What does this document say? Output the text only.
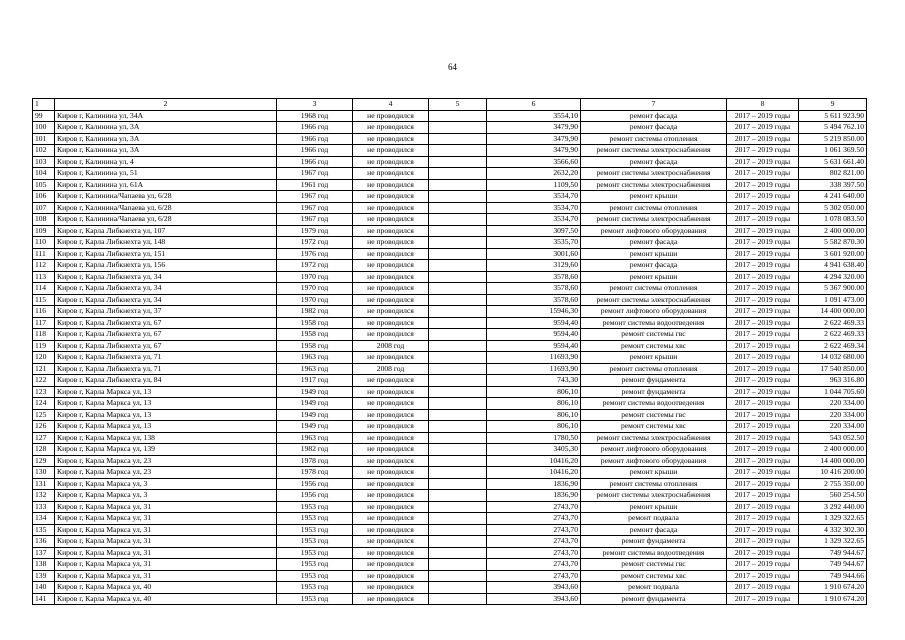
64
1	2	3	4	5	6	7	8	9
99	Киров г, Калинина ул, 34А	1968 год	не проводился		3554,10	ремонт фасада	2017 – 2019 годы	5 611 923.90
100	Киров г, Калинина ул, 3А	1966 год	не проводился		3479,90	ремонт фасада	2017 – 2019 годы	5 494 762.10
101	Киров г, Калинина ул, 3А	1966 год	не проводился		3479,90	ремонт системы отопления	2017 – 2019 годы	5 219 850.00
102	Киров г, Калинина ул, 3А	1966 год	не проводился		3479,90	ремонт системы электроснабжения	2017 – 2019 годы	1 061 369.50
103	Киров г, Калинина ул, 4	1966 год	не проводился		3566,60	ремонт фасада	2017 – 2019 годы	5 631 661.40
104	Киров г, Калинина ул, 51	1967 год	не проводился		2632,20	ремонт системы электроснабжения	2017 – 2019 годы	802 821.00
105	Киров г, Калинина ул, 61А	1961 год	не проводился		1109,50	ремонт системы электроснабжения	2017 – 2019 годы	338 397.50
106	Киров г, Калинина/Чапаева ул, 6/28	1967 год	не проводился		3534,70	ремонт крыши	2017 – 2019 годы	4 241 640.00
107	Киров г, Калинина/Чапаева ул, 6/28	1967 год	не проводился		3534,70	ремонт системы отопления	2017 – 2019 годы	5 302 050.00
108	Киров г, Калинина/Чапаева ул, 6/28	1967 год	не проводился		3534,70	ремонт системы электроснабжения	2017 – 2019 годы	1 078 083.50
109	Киров г, Карла Либкнехта ул, 107	1979 год	не проводился		3097,50	ремонт лифтового оборудования	2017 – 2019 годы	2 400 000.00
110	Киров г, Карла Либкнехта ул, 148	1972 год	не проводился		3535,70	ремонт фасада	2017 – 2019 годы	5 582 870.30
111	Киров г, Карла Либкнехта ул, 151	1976 год	не проводился		3001,60	ремонт крыши	2017 – 2019 годы	3 601 920.00
112	Киров г, Карла Либкнехта ул, 156	1972 год	не проводился		3129,60	ремонт фасада	2017 – 2019 годы	4 941 638.40
113	Киров г, Карла Либкнехта ул, 34	1970 год	не проводился		3578,60	ремонт крыши	2017 – 2019 годы	4 294 320.00
114	Киров г, Карла Либкнехта ул, 34	1970 год	не проводился		3578,60	ремонт системы отопления	2017 – 2019 годы	5 367 900.00
115	Киров г, Карла Либкнехта ул, 34	1970 год	не проводился		3578,60	ремонт системы электроснабжения	2017 – 2019 годы	1 091 473.00
116	Киров г, Карла Либкнехта ул, 37	1982 год	не проводился		15946,30	ремонт лифтового оборудования	2017 – 2019 годы	14 400 000.00
117	Киров г, Карла Либкнехта ул, 67	1958 год	не проводился		9594,40	ремонт системы водоотведения	2017 – 2019 годы	2 622 469.33
118	Киров г, Карла Либкнехта ул, 67	1958 год	не проводился		9594,40	ремонт системы гвс	2017 – 2019 годы	2 622 469.33
119	Киров г, Карла Либкнехта ул, 67	1958 год	2008 год		9594,40	ремонт системы хвс	2017 – 2019 годы	2 622 469.34
120	Киров г, Карла Либкнехта ул, 71	1963 год	не проводился		11693,90	ремонт крыши	2017 – 2019 годы	14 032 680.00
121	Киров г, Карла Либкнехта ул, 71	1963 год	2008 год		11693,90	ремонт системы отопления	2017 – 2019 годы	17 540 850.00
122	Киров г, Карла Либкнехта ул, 84	1917 год	не проводился		743,30	ремонт фундамента	2017 – 2019 годы	963 316.80
123	Киров г, Карла Маркса ул, 13	1949 год	не проводился		806,10	ремонт фундамента	2017 – 2019 годы	1 044 705.60
124	Киров г, Карла Маркса ул, 13	1949 год	не проводился		806,10	ремонт системы водоотведения	2017 – 2019 годы	220 334.00
125	Киров г, Карла Маркса ул, 13	1949 год	не проводился		806,10	ремонт системы гвс	2017 – 2019 годы	220 334.00
126	Киров г, Карла Маркса ул, 13	1949 год	не проводился		806,10	ремонт системы хвс	2017 – 2019 годы	220 334.00
127	Киров г, Карла Маркса ул, 138	1963 год	не проводился		1780,50	ремонт системы электроснабжения	2017 – 2019 годы	543 052.50
128	Киров г, Карла Маркса ул, 139	1982 год	не проводился		3405,30	ремонт лифтового оборудования	2017 – 2019 годы	2 400 000.00
129	Киров г, Карла Маркса ул, 23	1978 год	не проводился		10416,20	ремонт лифтового оборудования	2017 – 2019 годы	14 400 000.00
130	Киров г, Карла Маркса ул, 23	1978 год	не проводился		10416,20	ремонт крыши	2017 – 2019 годы	10 416 200.00
131	Киров г, Карла Маркса ул, 3	1956 год	не проводился		1836,90	ремонт системы отопления	2017 – 2019 годы	2 755 350.00
132	Киров г, Карла Маркса ул, 3	1956 год	не проводился		1836,90	ремонт системы электроснабжения	2017 – 2019 годы	560 254.50
133	Киров г, Карла Маркса ул, 31	1953 год	не проводился		2743,70	ремонт крыши	2017 – 2019 годы	3 292 440.00
134	Киров г, Карла Маркса ул, 31	1953 год	не проводился		2743,70	ремонт подвала	2017 – 2019 годы	1 329 322.65
135	Киров г, Карла Маркса ул, 31	1953 год	не проводился		2743,70	ремонт фасада	2017 – 2019 годы	4 332 302.30
136	Киров г, Карла Маркса ул, 31	1953 год	не проводился		2743,70	ремонт фундамента	2017 – 2019 годы	1 329 322.65
137	Киров г, Карла Маркса ул, 31	1953 год	не проводился		2743,70	ремонт системы водоотведения	2017 – 2019 годы	749 944.67
138	Киров г, Карла Маркса ул, 31	1953 год	не проводился		2743,70	ремонт системы гвс	2017 – 2019 годы	749 944.67
139	Киров г, Карла Маркса ул, 31	1953 год	не проводился		2743,70	ремонт системы хвс	2017 – 2019 годы	749 944.66
140	Киров г, Карла Маркса ул, 40	1953 год	не проводился		3943,60	ремонт подвала	2017 – 2019 годы	1 910 674.20
141	Киров г, Карла Маркса ул, 40	1953 год	не проводился		3943,60	ремонт фундамента	2017 – 2019 годы	1 910 674.20
